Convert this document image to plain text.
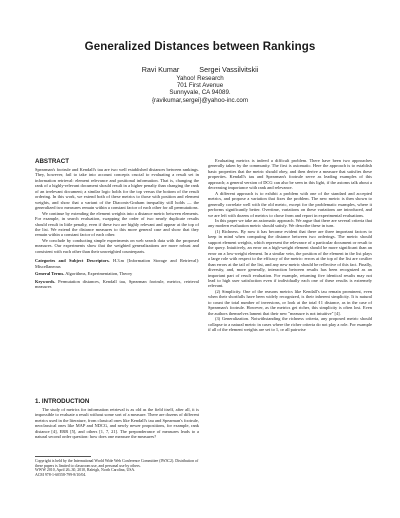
Generalized Distances between Rankings
Ravi Kumar	Sergei Vassilvitskii
Yahoo! Research
701 First Avenue
Sunnyvale, CA 94089.
{ravikumar,sergei}@yahoo-inc.com
ABSTRACT

Spearman's footrule and Kendall's tau are two well established distances between rankings. They, however, fail to take into account concepts crucial to evaluating a result set in information retrieval: element relevance and positional information. That is, changing the rank of a highly-relevant document should result in a higher penalty than changing the rank of an irrelevant document; a similar logic holds for the top versus the bottom of the result ordering. In this work, we extend both of these metrics to those with position and element weights, and show that a variant of the Diaconis-Graham inequality still holds — the generalized two measures remain within a constant factor of each other for all permutations.

We continue by extending the element weights into a distance metric between elements. For example, in search evaluation, swapping the order of two nearly duplicate results should result in little penalty, even if these two are highly relevant and appear at the top of the list. We extend the distance measures to this more general case and show that they remain within a constant factor of each other.

We conclude by conducting simple experiments on web search data with the proposed measures. Our experiments show that the weighted generalizations are more robust and consistent with each other than their unweighted counterparts.

Categories and Subject Descriptors. H.3.m [Information Storage and Retrieval]: Miscellaneous
General Terms. Algorithms, Experimentation, Theory
Keywords. Permutation distances, Kendall tau, Spearman footrule, metrics, retrieval measures
1. INTRODUCTION

The study of metrics for information retrieval is as old as the field itself, after all, it is impossible to evaluate a result without some sort of a measure. There are dozens of different metrics used in the literature, from classical ones like Kendall's tau and Spearman's footrule, neoclassical ones like MAP and NDCG, and newly newer propositions, for example, rank distance [4], ERR [5], and others [1, 7, 21]. The preponderance of measures leads to a natural second order question: how does one measure the measures?

Copyright is held by the International World Wide Web Conference Committee (IW3C2). Distribution of these papers is limited to classroom use, and personal use by others.
WWW 2010, April 26–30, 2010, Raleigh, North Carolina, USA.
ACM 978-1-60558-799-8/10/04.

Evaluating metrics is indeed a difficult problem. There have been two approaches generally taken by the community. The first is axiomatic. Here the approach is to establish basic properties that the metric should obey, and then derive a measure that satisfies these properties. Kendall's tau and Spearman's footrule serve as leading examples of this approach; a general version of DCG can also be seen in this light, if the axioms talk about a decreasing importance with rank and relevance.

A different approach is to exhibit a problem with one of the standard and accepted metrics, and propose a variation that fixes the problem. The new metric is then shown to generally correlate well with the old metric, except for the problematic examples, where it performs significantly better. Overtime, variations on these variations are introduced, and we are left with dozens of metrics to chose from and report in experimental evaluations.

In this paper we take an axiomatic approach. We argue that there are several criteria that any modern evaluation metric should satisfy. We describe these in turn.

(1) Richness. By now it has become evident that there are three important factors to keep in mind when computing the distance between two orderings. The metric should support element weights, which represent the relevance of a particular document or result to the query. Intuitively, an error on a high-weight element should be more significant than an error on a low-weight element. In a similar vein, the position of the element in the list plays a large role with respect to the efficacy of the metric: errors at the top of the list are costlier than errors at the tail of the list, and any new metric should be reflective of this fact. Finally, diversity, and, more generally, interaction between results has been recognized as an important part of result evaluation. For example, returning five identical results may not lead to high user satisfaction even if individually each one of these results is extremely relevant.

(2) Simplicity. One of the reasons metrics like Kendall's tau remain prominent, even when their shortfalls have been widely recognized, is their inherent simplicity. It is natural to count the total number of inversions, or look at the total ℓ1 distance, as in the case of Spearman's footrule. However, as the metrics get richer, this simplicity is often lost. Even the authors themselves lament that their new "measure is not intuitive" [4].

(3) Generalization. Notwithstanding the richness criteria, any proposed metric should collapse to a natural metric in cases where the richer criteria do not play a role. For example if all of the element weights are set to 1, or all pairwise
